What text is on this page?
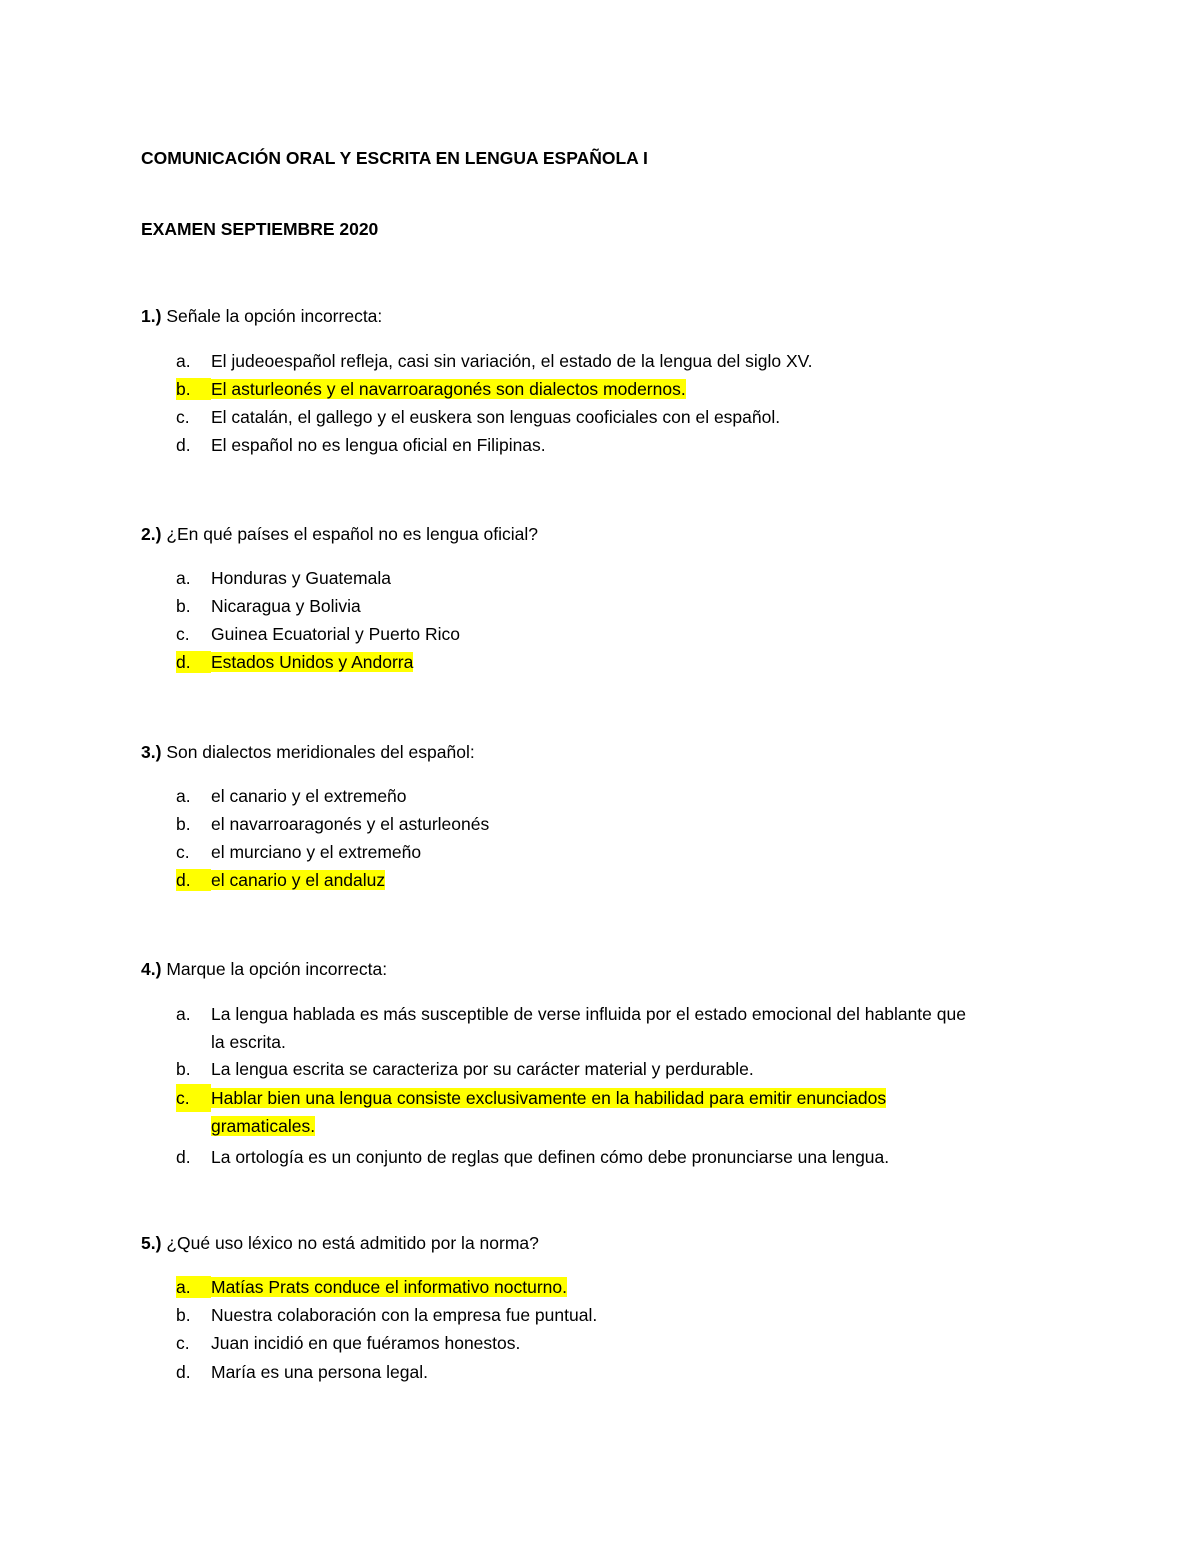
COMUNICACIÓN ORAL Y ESCRITA EN LENGUA ESPAÑOLA I
EXAMEN SEPTIEMBRE 2020
1.) Señale la opción incorrecta:
a. El judeoespañol refleja, casi sin variación, el estado de la lengua del siglo XV.
b. El asturleonés y el navarroaragonés son dialectos modernos.
c. El catalán, el gallego y el euskera son lenguas cooficiales con el español.
d. El español no es lengua oficial en Filipinas.
2.) ¿En qué países el español no es lengua oficial?
a. Honduras y Guatemala
b. Nicaragua y Bolivia
c. Guinea Ecuatorial y Puerto Rico
d. Estados Unidos y Andorra
3.) Son dialectos meridionales del español:
a. el canario y el extremeño
b. el navarroaragonés y el asturleonés
c. el murciano y el extremeño
d. el canario y el andaluz
4.) Marque la opción incorrecta:
a.	La lengua hablada es más susceptible de verse influida por el estado emocional del hablante que
la escrita.
b. La lengua escrita se caracteriza por su carácter material y perdurable.
c.	Hablar bien una lengua consiste exclusivamente en la habilidad para emitir enunciados
gramaticales.
d. La ortología es un conjunto de reglas que definen cómo debe pronunciarse una lengua.
5.) ¿Qué uso léxico no está admitido por la norma?
a. Matías Prats conduce el informativo nocturno.
b. Nuestra colaboración con la empresa fue puntual.
c. Juan incidió en que fuéramos honestos.
d. María es una persona legal.
